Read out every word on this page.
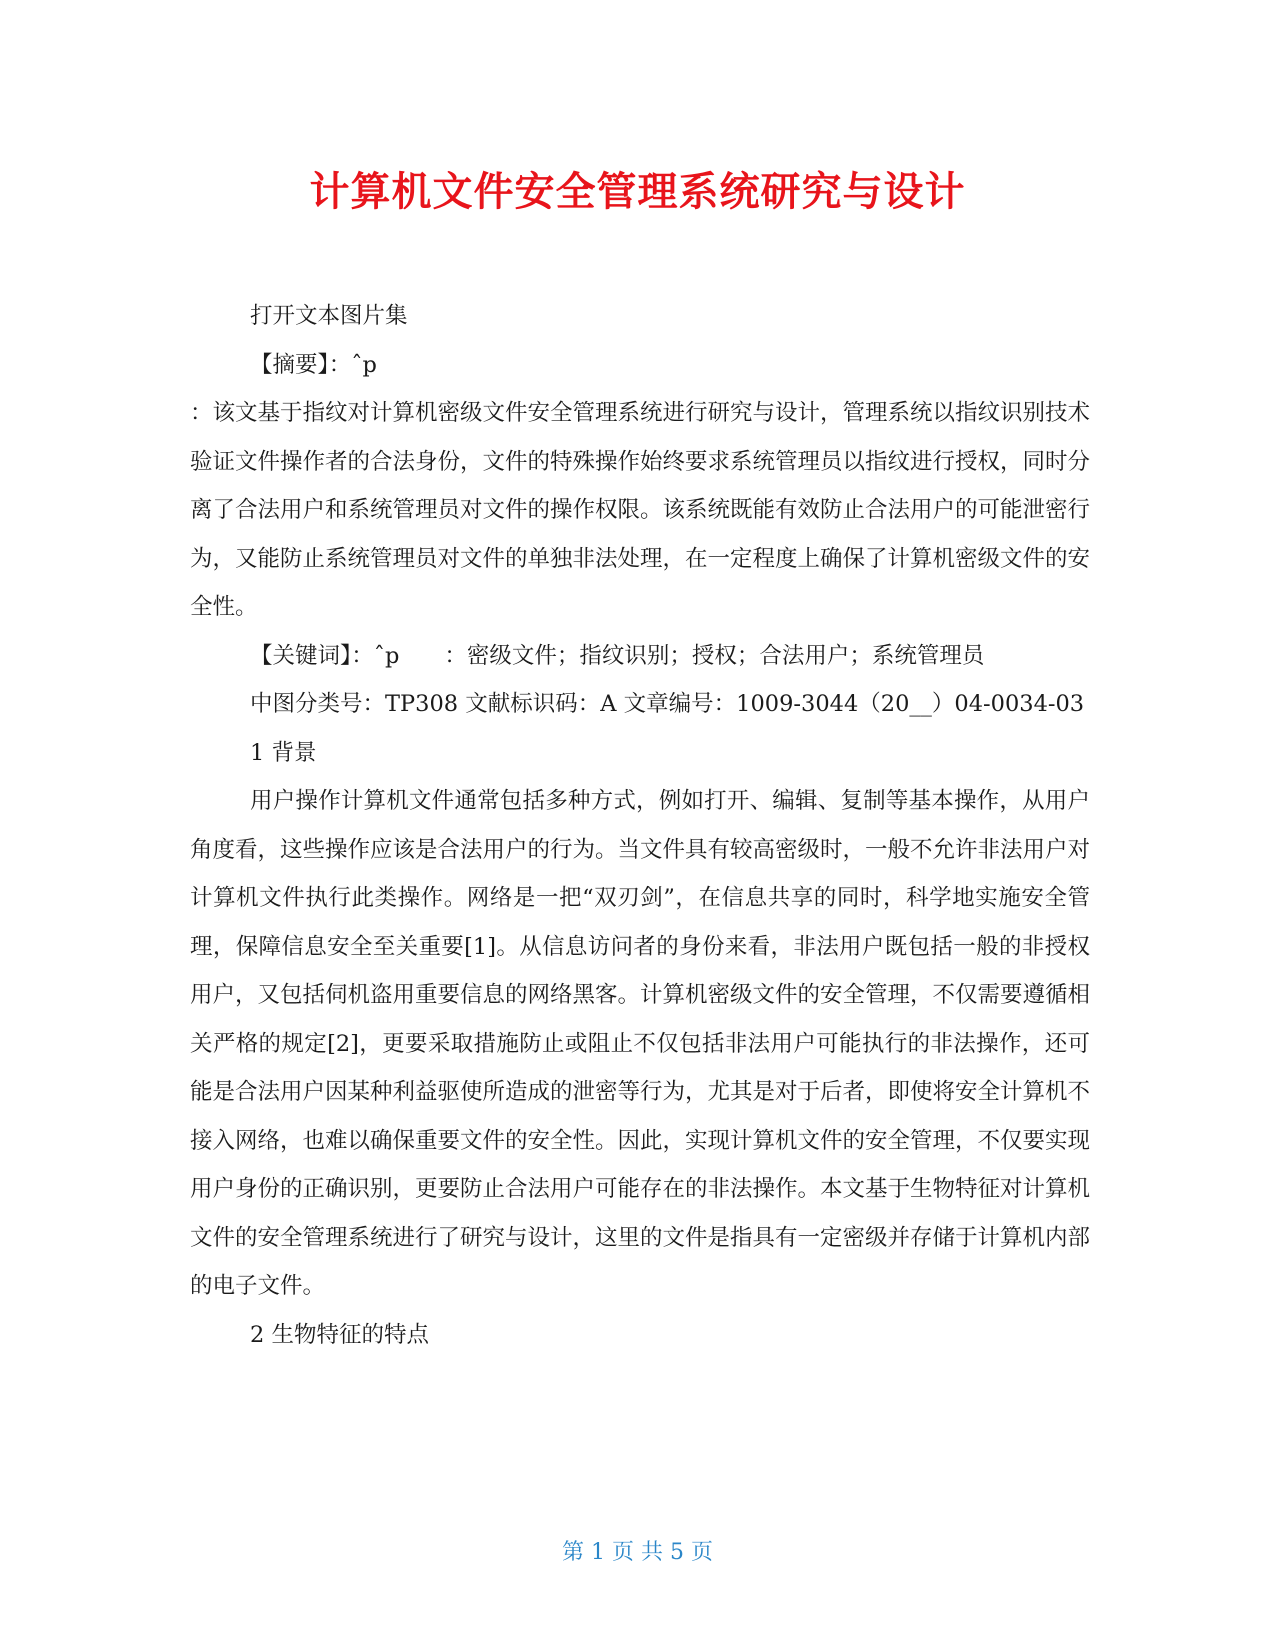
计算机文件安全管理系统研究与设计

打开文本图片集

【摘要】：ˆp

：该文基于指纹对计算机密级文件安全管理系统进行研究与设计，管理系统以指纹识别技术验证文件操作者的合法身份，文件的特殊操作始终要求系统管理员以指纹进行授权，同时分离了合法用户和系统管理员对文件的操作权限。该系统既能有效防止合法用户的可能泄密行为，又能防止系统管理员对文件的单独非法处理，在一定程度上确保了计算机密级文件的安全性。

【关键词】：ˆp　　：密级文件；指纹识别；授权；合法用户；系统管理员

中图分类号：TP308 文献标识码：A 文章编号：1009-3044（20__）04-0034-03

1 背景

用户操作计算机文件通常包括多种方式，例如打开、编辑、复制等基本操作，从用户角度看，这些操作应该是合法用户的行为。当文件具有较高密级时，一般不允许非法用户对计算机文件执行此类操作。网络是一把“双刃剑”，在信息共享的同时，科学地实施安全管理，保障信息安全至关重要[1]。从信息访问者的身份来看，非法用户既包括一般的非授权用户，又包括伺机盗用重要信息的网络黑客。计算机密级文件的安全管理，不仅需要遵循相关严格的规定[2]，更要采取措施防止或阻止不仅包括非法用户可能执行的非法操作，还可能是合法用户因某种利益驱使所造成的泄密等行为，尤其是对于后者，即使将安全计算机不接入网络，也难以确保重要文件的安全性。因此，实现计算机文件的安全管理，不仅要实现用户身份的正确识别，更要防止合法用户可能存在的非法操作。本文基于生物特征对计算机文件的安全管理系统进行了研究与设计，这里的文件是指具有一定密级并存储于计算机内部的电子文件。

2 生物特征的特点

第 1 页 共 5 页
